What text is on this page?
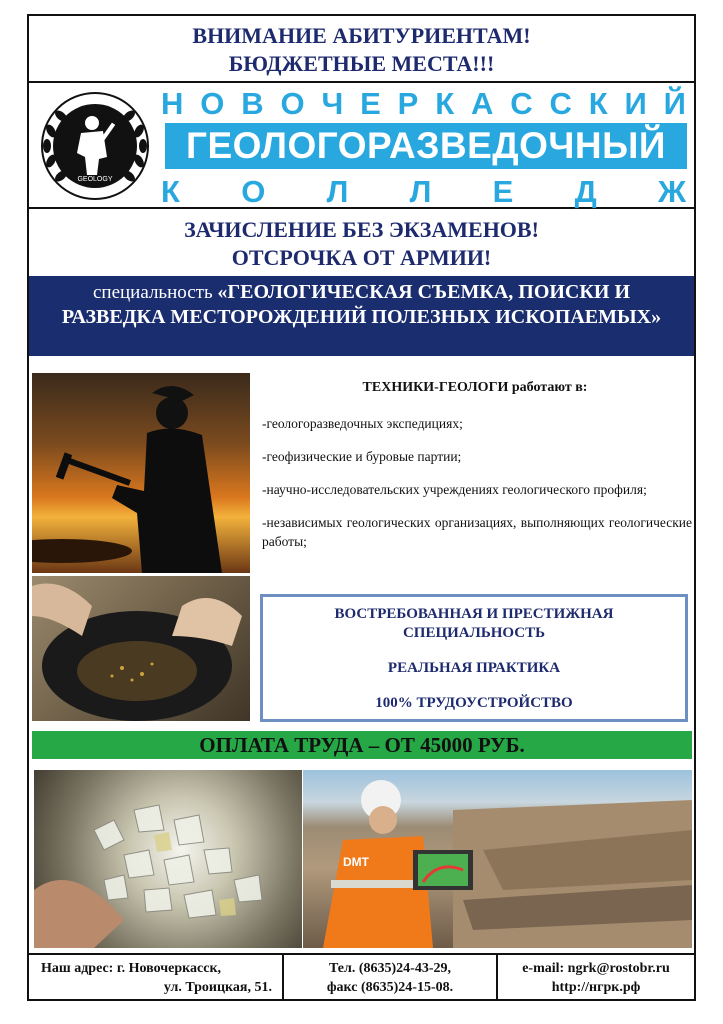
ВНИМАНИЕ АБИТУРИЕНТАМ!
БЮДЖЕТНЫЕ МЕСТА!!!
GEOLOGY
Н О В О Ч Е Р К А С С К И Й
ГЕОЛОГОРАЗВЕДОЧНЫЙ
К О Л Л Е Д Ж
ЗАЧИСЛЕНИЕ БЕЗ ЭКЗАМЕНОВ!
ОТСРОЧКА ОТ АРМИИ!
специальность «ГЕОЛОГИЧЕСКАЯ СЪЕМКА, ПОИСКИ И РАЗВЕДКА МЕСТОРОЖДЕНИЙ ПОЛЕЗНЫХ ИСКОПАЕМЫХ»
ТЕХНИКИ-ГЕОЛОГИ работают в:

-геологоразведочных экспедициях;

-геофизические и буровые партии;

-научно-исследовательских учреждениях геологического профиля;

-независимых геологических организациях, выполняющих геологические работы;

ВОСТРЕБОВАННАЯ И ПРЕСТИЖНАЯ СПЕЦИАЛЬНОСТЬ

РЕАЛЬНАЯ ПРАКТИКА

100% ТРУДОУСТРОЙСТВО

ОПЛАТА ТРУДА – ОТ 45000 РУБ.
DMT
Наш адрес: г. Новочеркасск,
ул. Троицкая, 51.
Тел. (8635)24-43-29,
факс (8635)24-15-08.
e-mail: ngrk@rostobr.ru
http://нгрк.рф
